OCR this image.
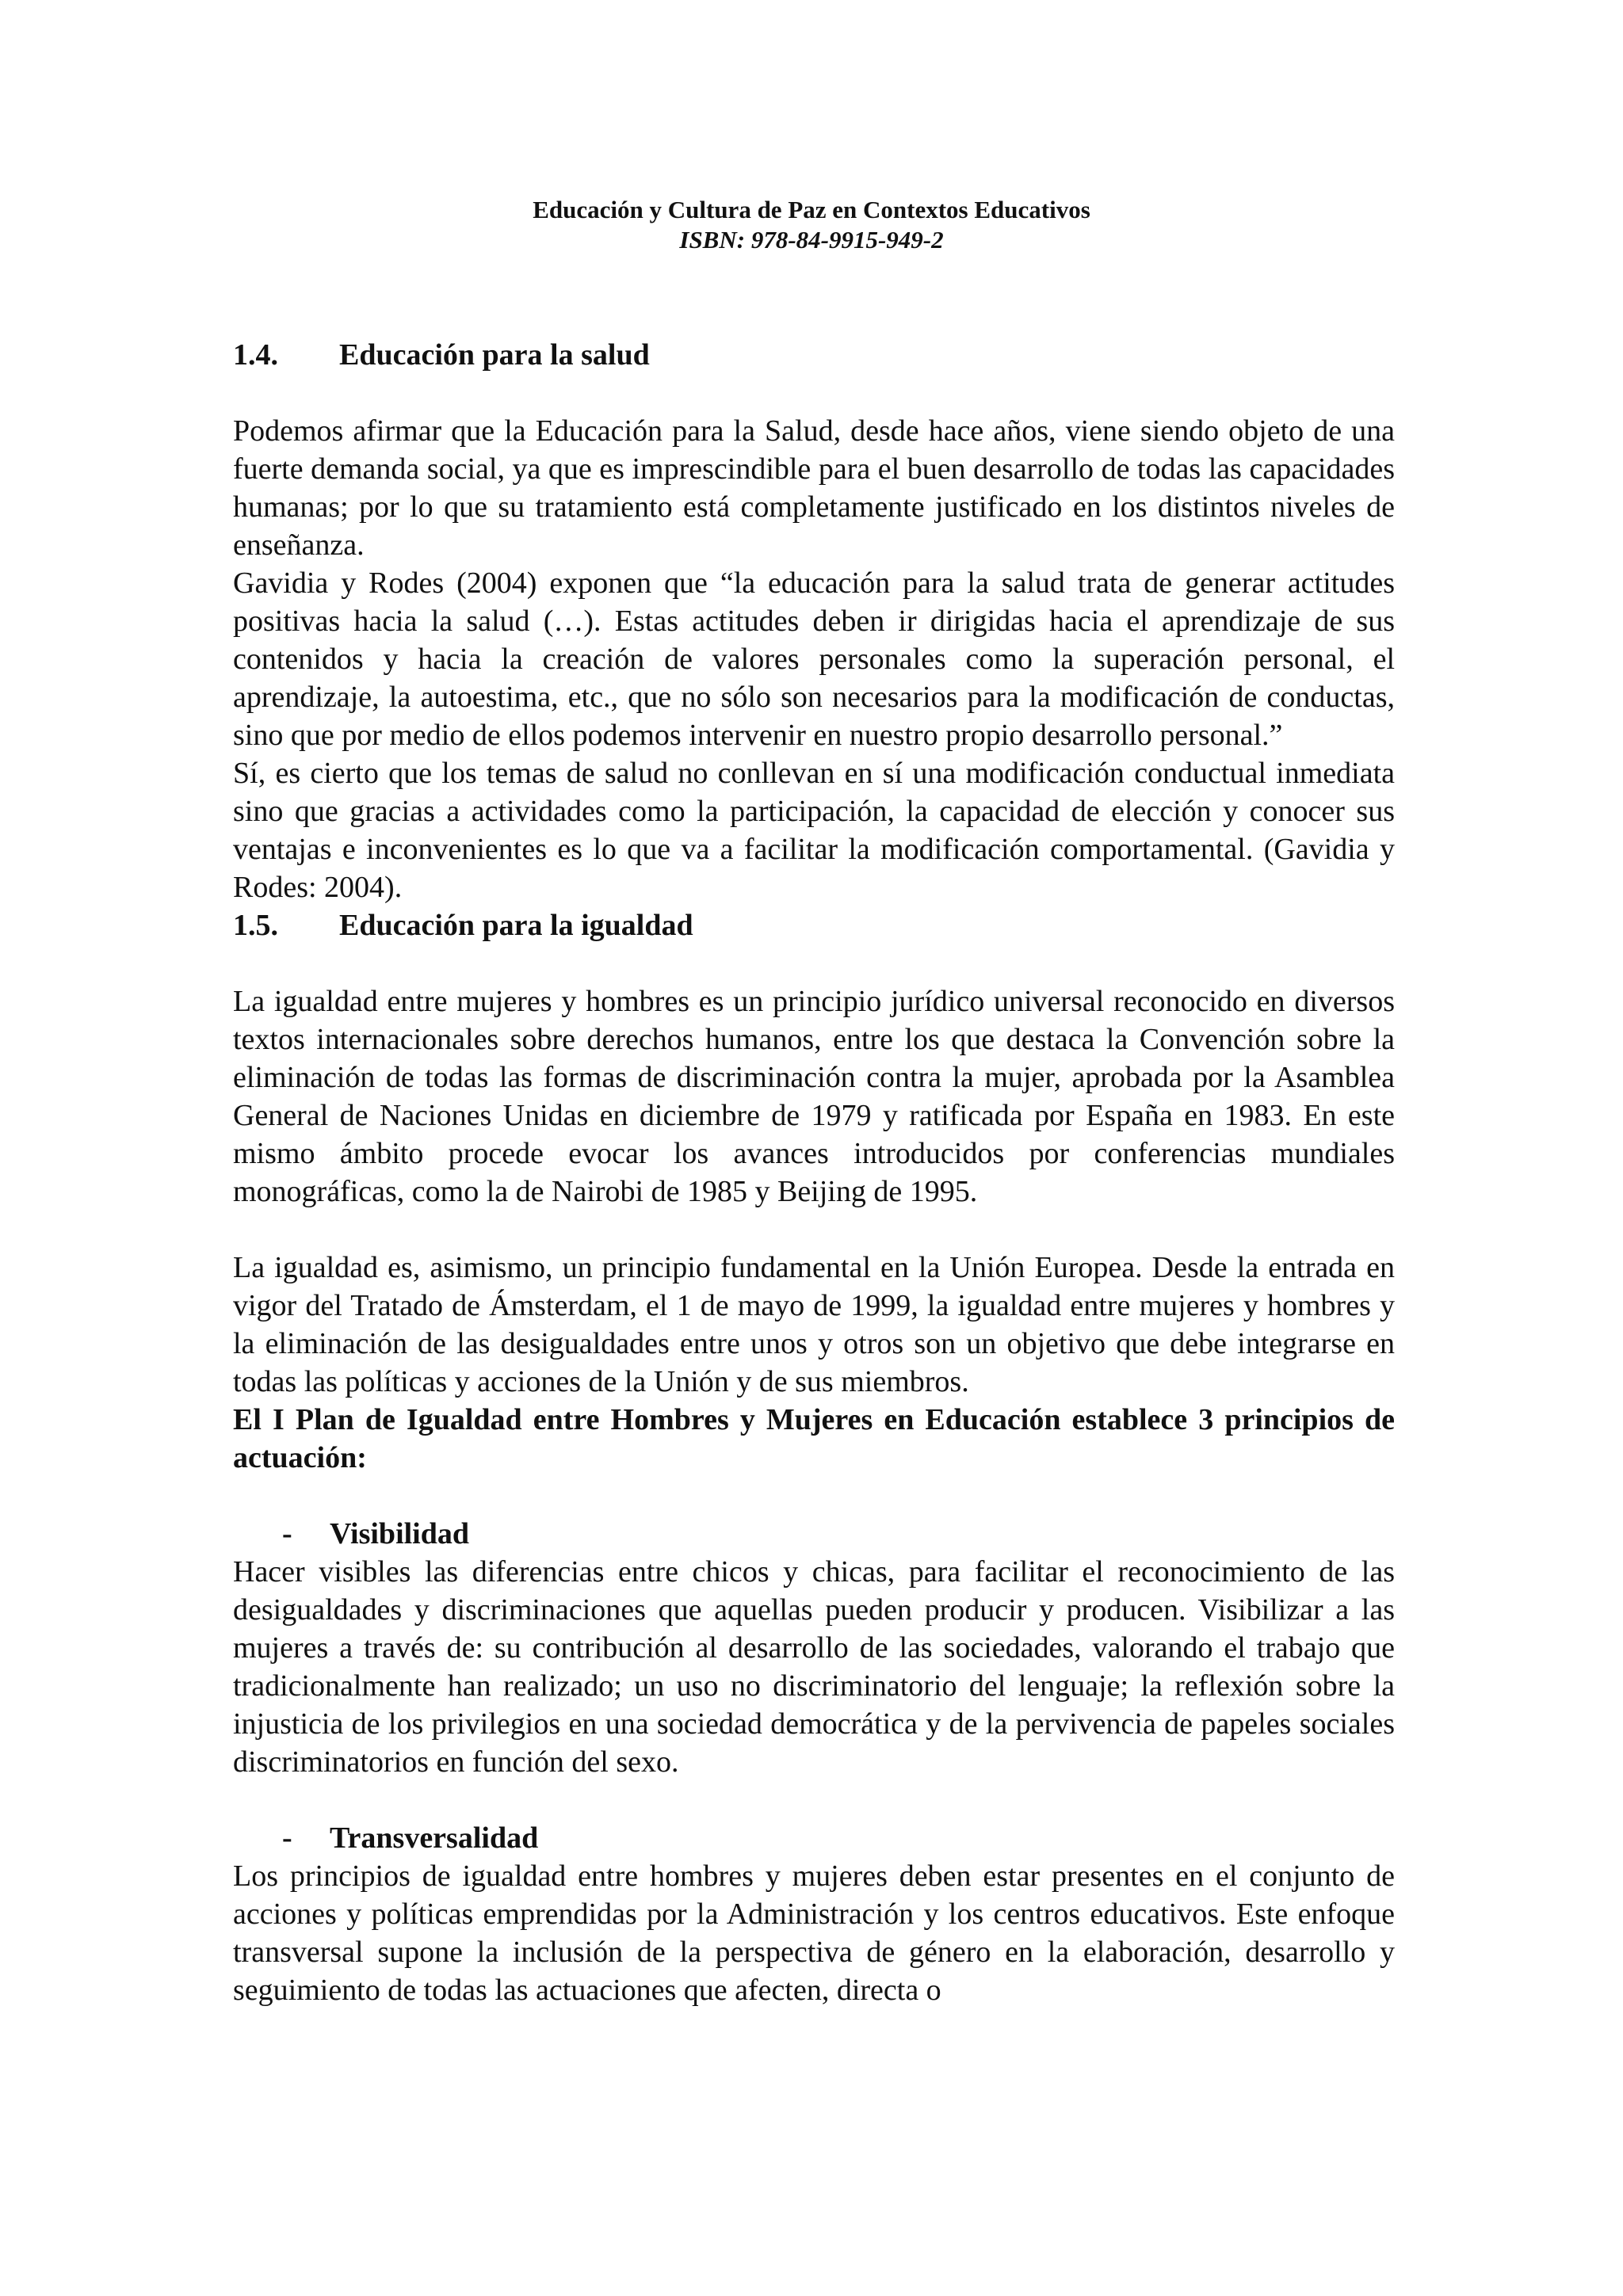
Educación y Cultura de Paz en Contextos Educativos
ISBN: 978-84-9915-949-2
1.4.	Educación para la salud

Podemos afirmar que la Educación para la Salud, desde hace años, viene siendo objeto de una fuerte demanda social, ya que es imprescindible para el buen desarrollo de todas las capacidades humanas; por lo que su tratamiento está completamente justificado en los distintos niveles de enseñanza.

Gavidia y Rodes (2004) exponen que “la educación para la salud trata de generar actitudes positivas hacia la salud (…). Estas actitudes deben ir dirigidas hacia el aprendizaje de sus contenidos y hacia la creación de valores personales como la superación personal, el aprendizaje, la autoestima, etc., que no sólo son necesarios para la modificación de conductas, sino que por medio de ellos podemos intervenir en nuestro propio desarrollo personal.”

Sí, es cierto que los temas de salud no conllevan en sí una modificación conductual inmediata sino que gracias a actividades como la participación, la capacidad de elección y conocer sus ventajas e inconvenientes es lo que va a facilitar la modificación comportamental. (Gavidia y Rodes: 2004).

1.5.	Educación para la igualdad

La igualdad entre mujeres y hombres es un principio jurídico universal reconocido en diversos textos internacionales sobre derechos humanos, entre los que destaca la Convención sobre la eliminación de todas las formas de discriminación contra la mujer, aprobada por la Asamblea General de Naciones Unidas en diciembre de 1979 y ratificada por España en 1983. En este mismo ámbito procede evocar los avances introducidos por conferencias mundiales monográficas, como la de Nairobi de 1985 y Beijing de 1995.

La igualdad es, asimismo, un principio fundamental en la Unión Europea. Desde la entrada en vigor del Tratado de Ámsterdam, el 1 de mayo de 1999, la igualdad entre mujeres y hombres y la eliminación de las desigualdades entre unos y otros son un objetivo que debe integrarse en todas las políticas y acciones de la Unión y de sus miembros.

El I Plan de Igualdad entre Hombres y Mujeres en Educación establece 3 principios de actuación:

-	Visibilidad

Hacer visibles las diferencias entre chicos y chicas, para facilitar el reconocimiento de las desigualdades y discriminaciones que aquellas pueden producir y producen. Visibilizar a las mujeres a través de: su contribución al desarrollo de las sociedades, valorando el trabajo que tradicionalmente han realizado; un uso no discriminatorio del lenguaje; la reflexión sobre la injusticia de los privilegios en una sociedad democrática y de la pervivencia de papeles sociales discriminatorios en función del sexo.

-	Transversalidad

Los principios de igualdad entre hombres y mujeres deben estar presentes en el conjunto de acciones y políticas emprendidas por la Administración y los centros educativos. Este enfoque transversal supone la inclusión de la perspectiva de género en la elaboración, desarrollo y seguimiento de todas las actuaciones que afecten, directa o
